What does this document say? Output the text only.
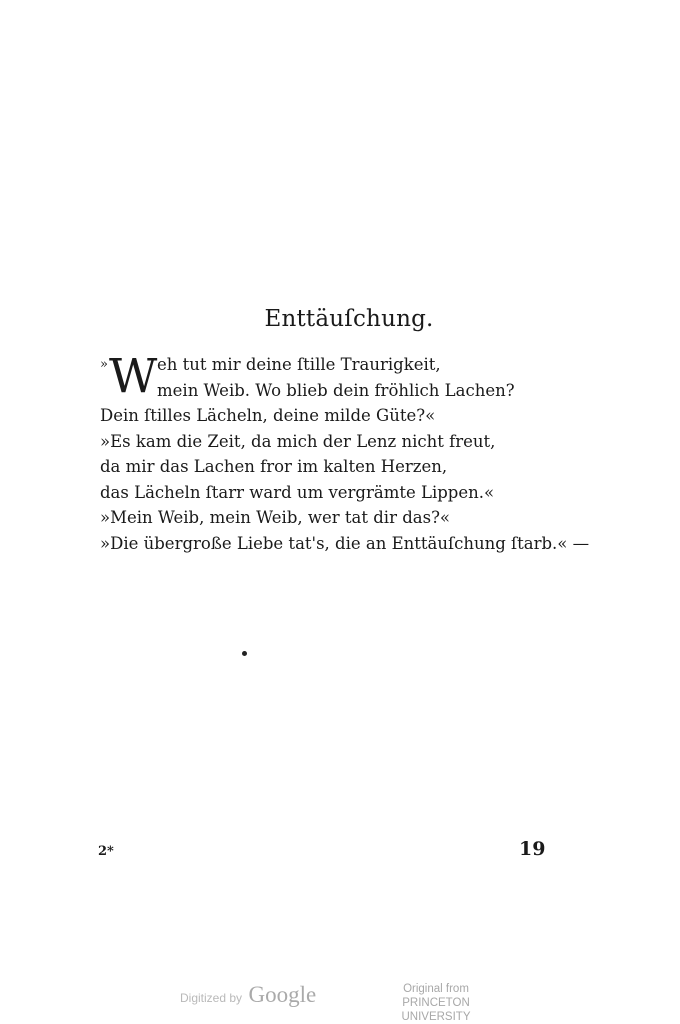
Enttäuſchung.
» W eh tut mir deine ſtille Traurigkeit,
mein Weib. Wo blieb dein fröhlich Lachen?
Dein ſtilles Lächeln, deine milde Güte?«
»Es kam die Zeit, da mich der Lenz nicht freut,
da mir das Lachen fror im kalten Herzen,
das Lächeln ſtarr ward um vergrämte Lippen.«
»Mein Weib, mein Weib, wer tat dir das?«
»Die übergroße Liebe tat's, die an Enttäuſchung ſtarb.« —
2*	19
Digitized by Google	Original from
PRINCETON UNIVERSITY
